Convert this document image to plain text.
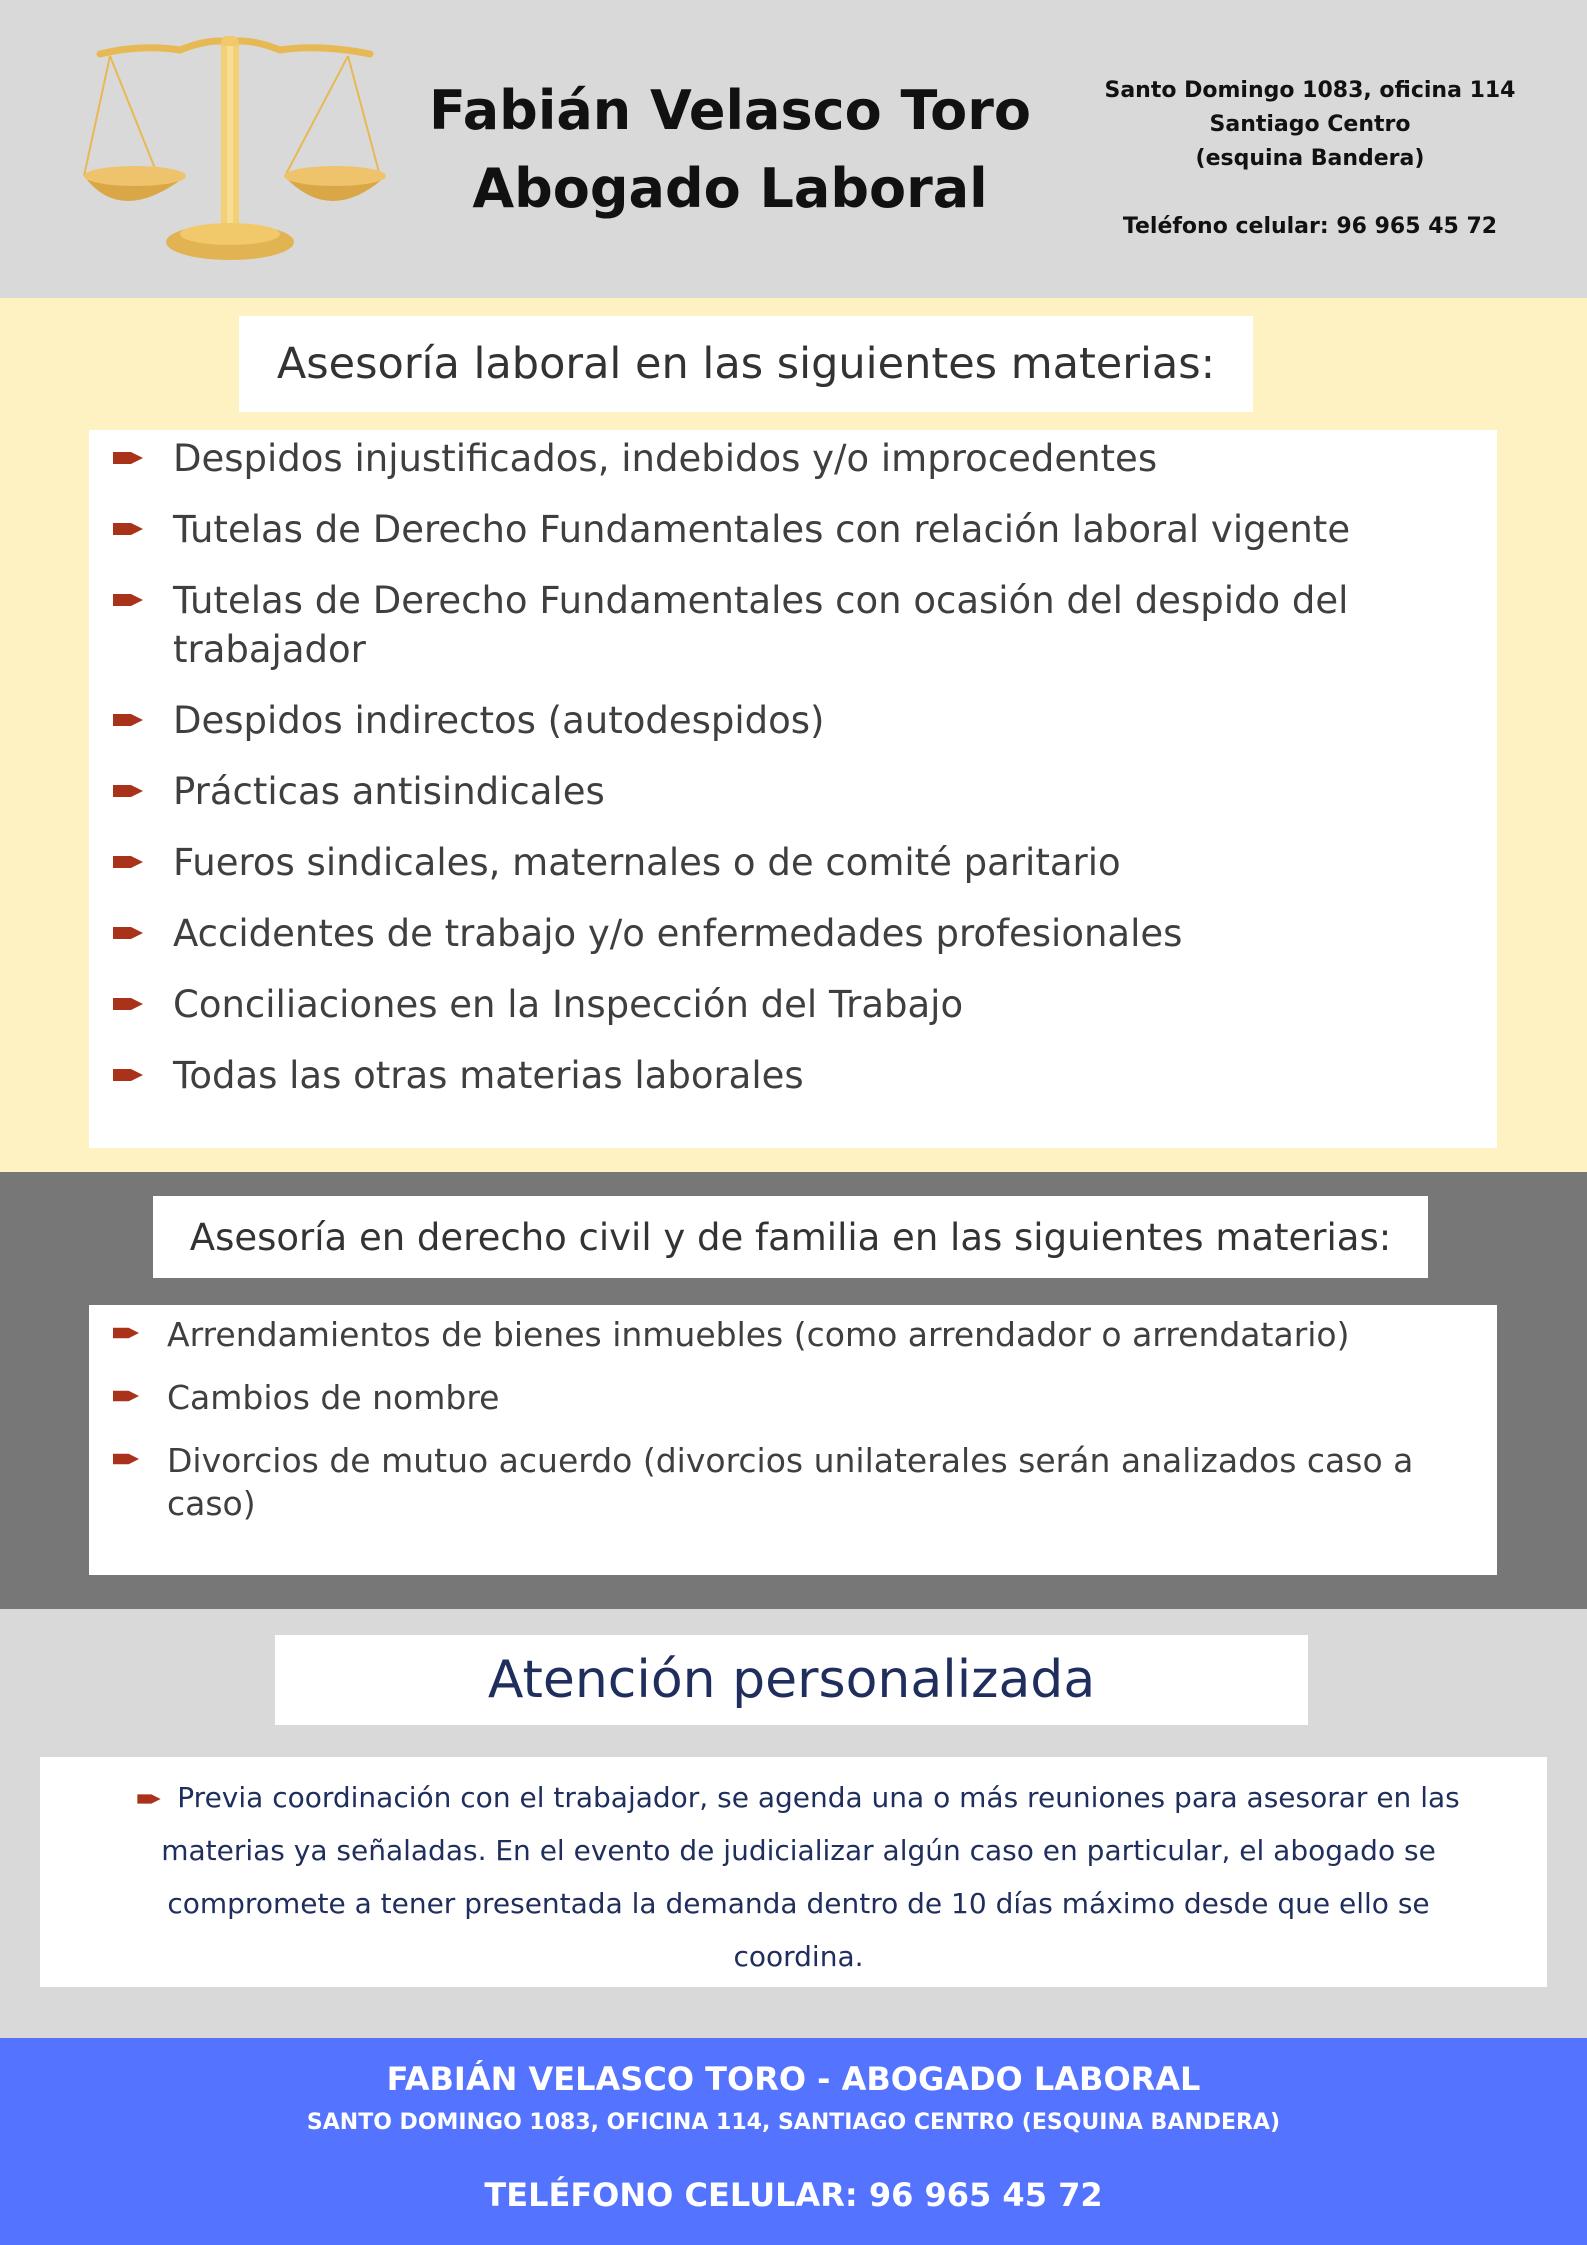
Fabián Velasco Toro
Abogado Laboral
Santo Domingo 1083, oficina 114
Santiago Centro
(esquina Bandera)
Teléfono celular: 96 965 45 72
Asesoría laboral en las siguientes materias:
Despidos injustificados, indebidos y/o improcedentes
Tutelas de Derecho Fundamentales con relación laboral vigente
Tutelas de Derecho Fundamentales con ocasión del despido del trabajador
Despidos indirectos (autodespidos)
Prácticas antisindicales
Fueros sindicales, maternales o de comité paritario
Accidentes de trabajo y/o enfermedades profesionales
Conciliaciones en la Inspección del Trabajo
Todas las otras materias laborales
Asesoría en derecho civil y de familia en las siguientes materias:
Arrendamientos de bienes inmuebles (como arrendador o arrendatario)
Cambios de nombre
Divorcios de mutuo acuerdo (divorcios unilaterales serán analizados caso a caso)
Atención personalizada
Previa coordinación con el trabajador, se agenda una o más reuniones para asesorar en las materias ya señaladas. En el evento de judicializar algún caso en particular, el abogado se compromete a tener presentada la demanda dentro de 10 días máximo desde que ello se coordina.
FABIÁN VELASCO TORO - ABOGADO LABORAL
SANTO DOMINGO 1083, OFICINA 114, SANTIAGO CENTRO (ESQUINA BANDERA)
TELÉFONO CELULAR: 96 965 45 72
